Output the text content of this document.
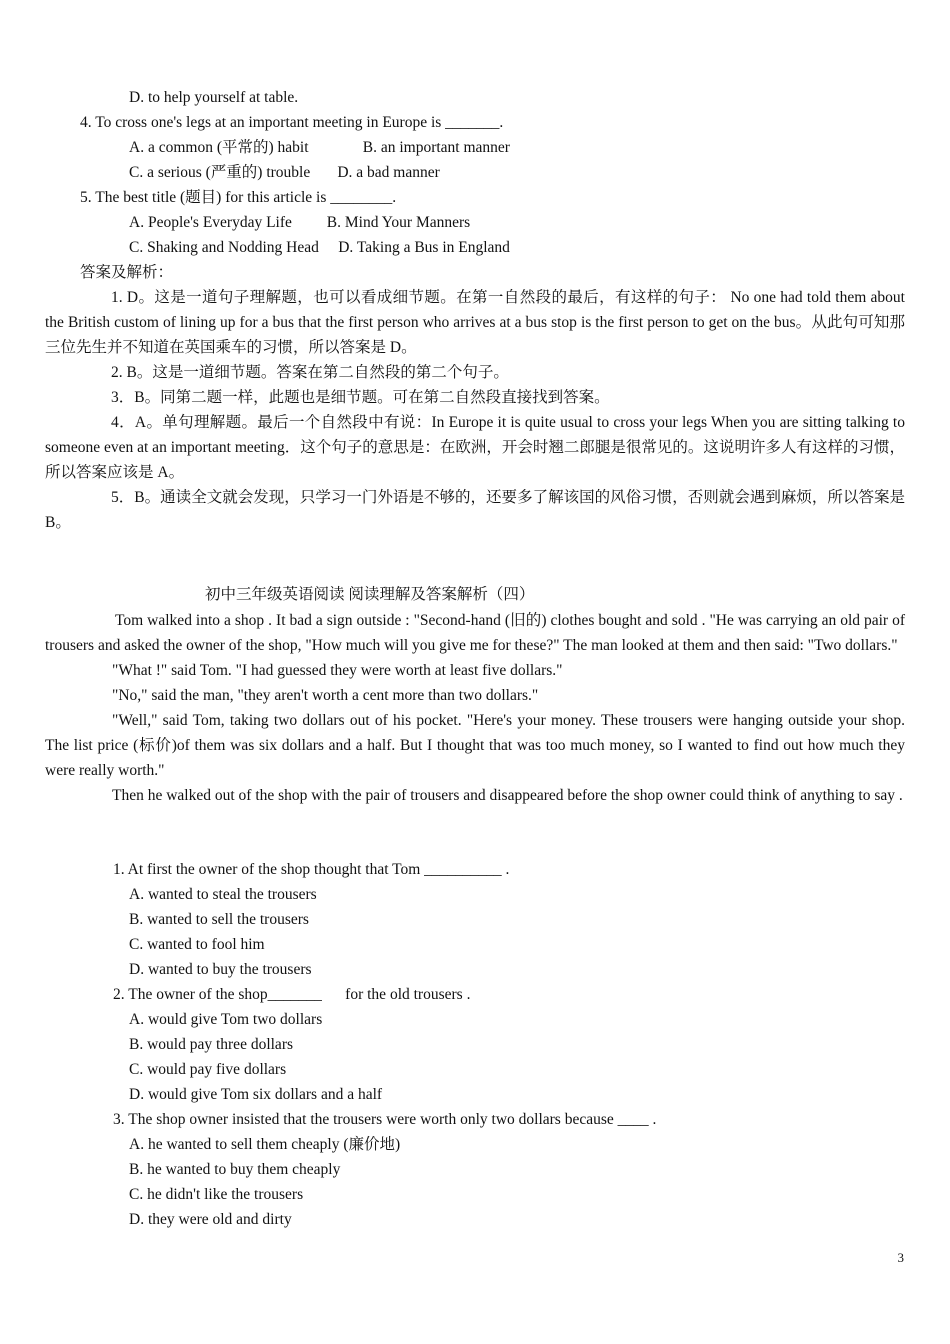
D. to help yourself at table.
4. To cross one's legs at an important meeting in Europe is _______.
A. a common (平常的) habit              B. an important manner
C. a serious (严重的) trouble       D. a bad manner
5. The best title (题目) for this article is ________.
A. People's Everyday Life         B. Mind Your Manners
C. Shaking and Nodding Head     D. Taking a Bus in England
答案及解析：

1. D。这是一道句子理解题，也可以看成细节题。在第一自然段的最后，有这样的句子： No one had told them about the British custom of lining up for a bus that the first person who arrives at a bus stop is the first person to get on the bus。从此句可知那三位先生并不知道在英国乘车的习惯，所以答案是 D。

2. B。这是一道细节题。答案在第二自然段的第二个句子。

3．B。同第二题一样，此题也是细节题。可在第二自然段直接找到答案。

4．A。单句理解题。最后一个自然段中有说：In Europe it is quite usual to cross your legs When you are sitting talking to someone even at an important meeting．这个句子的意思是：在欧洲，开会时翘二郎腿是很常见的。这说明许多人有这样的习惯，所以答案应该是 A。

5．B。通读全文就会发现，只学习一门外语是不够的，还要多了解该国的风俗习惯，否则就会遇到麻烦，所以答案是 B。

初中三年级英语阅读 阅读理解及答案解析（四）

Tom walked into a shop . It bad a sign outside : "Second-hand (旧的) clothes bought and sold . "He was carrying an old pair of trousers and asked the owner of the shop, "How much will you give me for these?" The man looked at them and then said: "Two dollars."

"What !" said Tom. "I had guessed they were worth at least five dollars."

"No," said the man, "they aren't worth a cent more than two dollars."

"Well," said Tom, taking two dollars out of his pocket. "Here's your money. These trousers were hanging outside your shop. The list price (标价)of them was six dollars and a half. But I thought that was too much money, so I wanted to find out how much they were really worth."

Then he walked out of the shop with the pair of trousers and disappeared before the shop owner could think of anything to say .

1. At first the owner of the shop thought that Tom __________ .
A. wanted to steal the trousers
B. wanted to sell the trousers
C. wanted to fool him
D. wanted to buy the trousers
2. The owner of the shop_______      for the old trousers .
A. would give Tom two dollars
B. would pay three dollars
C. would pay five dollars
D. would give Tom six dollars and a half
3. The shop owner insisted that the trousers were worth only two dollars because ____ .
A. he wanted to sell them cheaply (廉价地)
B. he wanted to buy them cheaply
C. he didn't like the trousers
D. they were old and dirty
3
